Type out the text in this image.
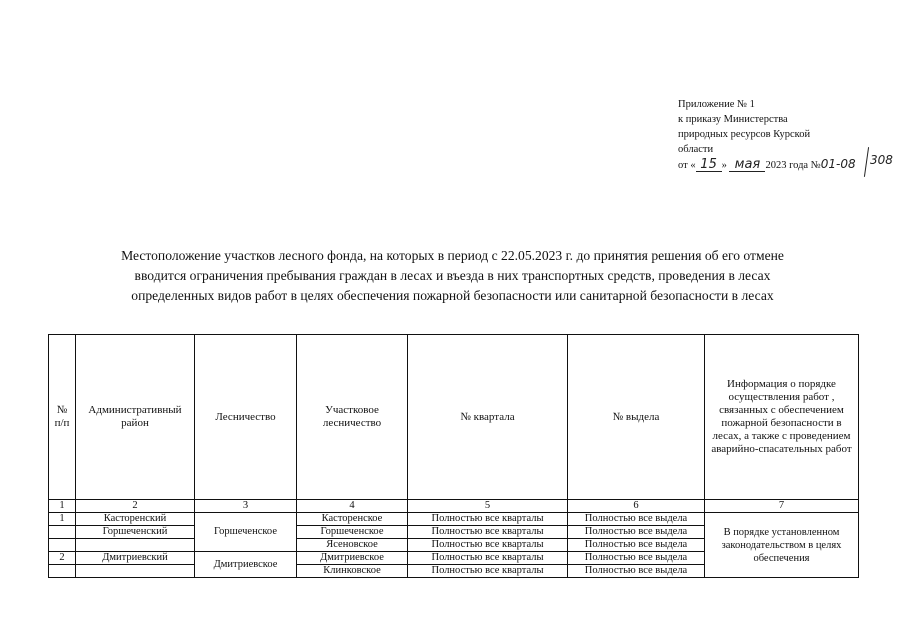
Приложение № 1
к приказу Министерства
природных ресурсов Курской
области
от « 15 » мая 2023 года №01-08 308
Местоположение участков лесного фонда, на которых в период с 22.05.2023 г. до принятия решения об его отмене
вводится ограничения пребывания граждан в лесах и въезда в них транспортных средств, проведения в лесах
определенных видов работ в целях обеспечения пожарной безопасности или санитарной безопасности в лесах
№ п/п	Административный район	Лесничество	Участковое лесничество	№ квартала	№ выдела	Информация о порядке осуществления работ , связанных с обеспечением пожарной безопасности в лесах, а также с проведением аварийно-спасательных работ
1	2	3	4	5	6	7
1	Касторенский	Горшеченское	Касторенское	Полностью все кварталы	Полностью все выдела	В порядке установленном законодательством в целях обеспечения
	Горшеченский		Горшеченское	Полностью все кварталы	Полностью все выдела	
			Ясеновское	Полностью все кварталы	Полностью все выдела	
2	Дмитриевский	Дмитриевское	Дмитриевское	Полностью все кварталы	Полностью все выдела	
			Клинковское	Полностью все кварталы	Полностью все выдела	
